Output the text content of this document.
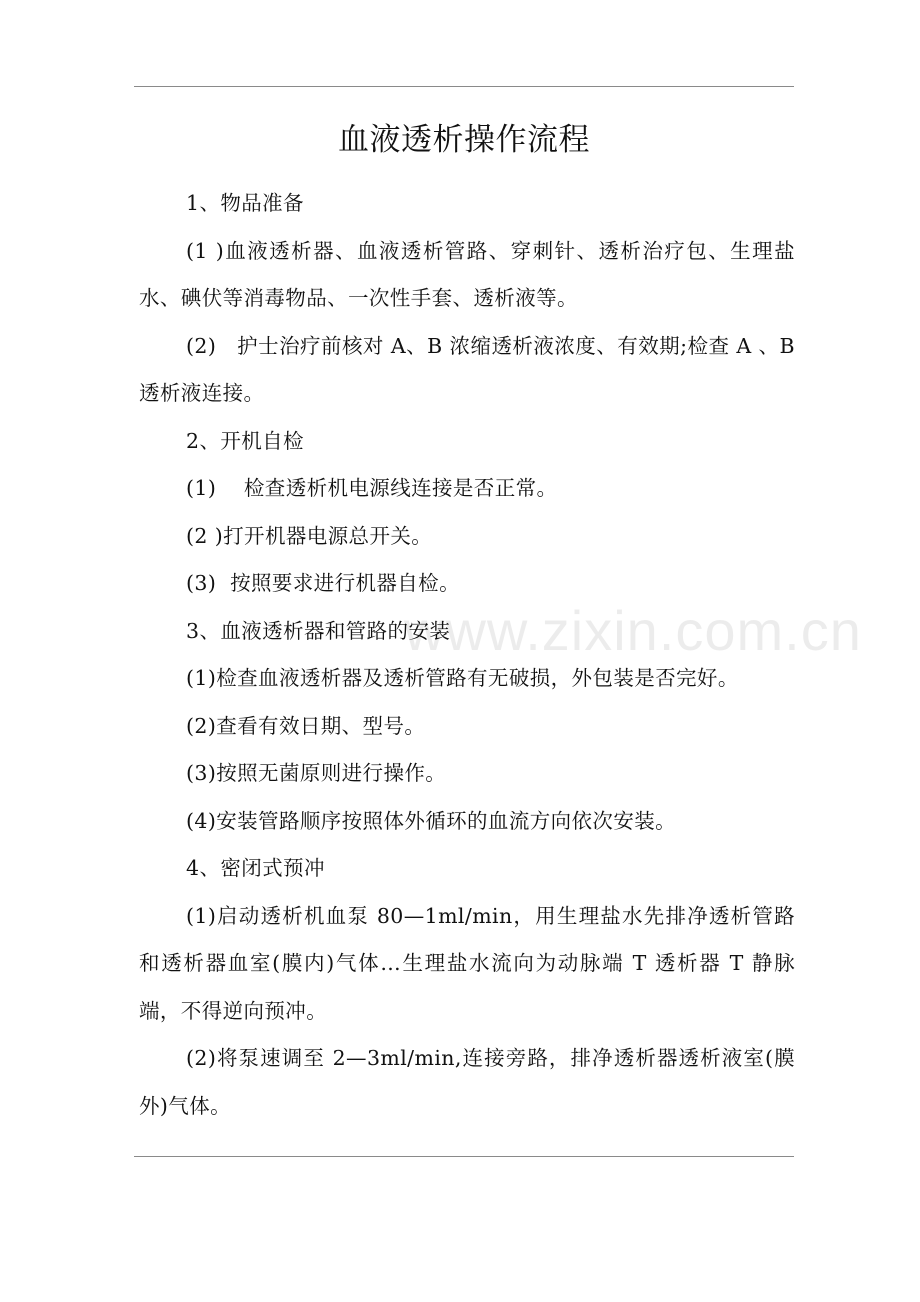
血液透析操作流程

1、物品准备

(1 )血液透析器、血液透析管路、穿刺针、透析治疗包、生理盐水、碘伏等消毒物品、一次性手套、透析液等。

(2)   护士治疗前核对 A、B 浓缩透析液浓度、有效期;检查 A 、B 透析液连接。

2、开机自检

(1)    检查透析机电源线连接是否正常。

(2 )打开机器电源总开关。

(3)  按照要求进行机器自检。

3、血液透析器和管路的安装

(1)检查血液透析器及透析管路有无破损，外包装是否完好。

(2)查看有效日期、型号。

(3)按照无菌原则进行操作。

(4)安装管路顺序按照体外循环的血流方向依次安装。

4、密闭式预冲

(1)启动透析机血泵 80—1ml/min，用生理盐水先排净透析管路和透析器血室(膜内)气体…生理盐水流向为动脉端 T 透析器 T 静脉端，不得逆向预冲。

(2)将泵速调至 2—3ml/min,连接旁路，排净透析器透析液室(膜外)气体。

www.zixin.com.cn
